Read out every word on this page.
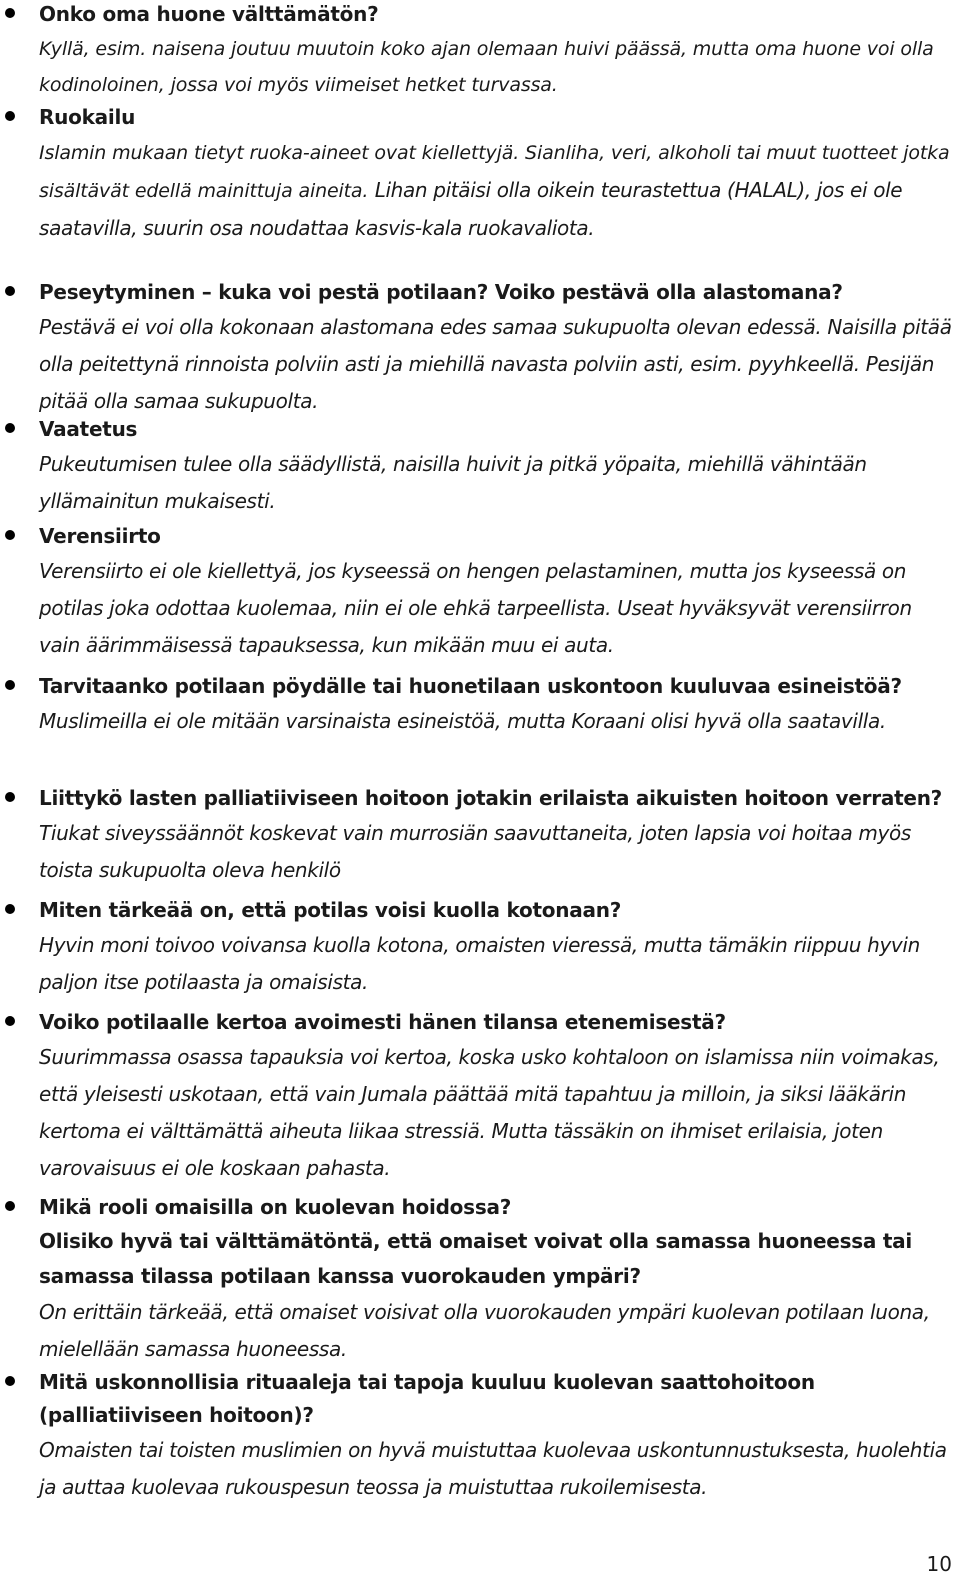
Onko oma huone välttämätön?
Kyllä, esim. naisena joutuu muutoin koko ajan olemaan huivi päässä, mutta oma huone voi olla kodinoloinen, jossa voi myös viimeiset hetket turvassa.
Ruokailu
Islamin mukaan tietyt ruoka-aineet ovat kiellettyjä. Sianliha, veri, alkoholi tai muut tuotteet jotka sisältävät edellä mainittuja aineita. Lihan pitäisi olla oikein teurastettua (HALAL), jos ei ole saatavilla, suurin osa noudattaa kasvis-kala ruokavaliota.
Peseytyminen – kuka voi pestä potilaan? Voiko pestävä olla alastomana?
Pestävä ei voi olla kokonaan alastomana edes samaa sukupuolta olevan edessä. Naisilla pitää olla peitettynä rinnoista polviin asti ja miehillä navasta polviin asti, esim. pyyhkeellä. Pesijän pitää olla samaa sukupuolta.
Vaatetus
Pukeutumisen tulee olla säädyllistä, naisilla huivit ja pitkä yöpaita, miehillä vähintään yllämainitun mukaisesti.
Verensiirto
Verensiirto ei ole kiellettyä, jos kyseessä on hengen pelastaminen, mutta jos kyseessä on potilas joka odottaa kuolemaa, niin ei ole ehkä tarpeellista. Useat hyväksyvät verensiirron vain äärimmäisessä tapauksessa, kun mikään muu ei auta.
Tarvitaanko potilaan pöydälle tai huonetilaan uskontoon kuuluvaa esineistöä?
Muslimeilla ei ole mitään varsinaista esineistöä, mutta Koraani olisi hyvä olla saatavilla.
Liittykö lasten palliatiiviseen hoitoon jotakin erilaista aikuisten hoitoon verraten?
Tiukat siveyssäännöt koskevat vain murrosiän saavuttaneita, joten lapsia voi hoitaa myös toista sukupuolta oleva henkilö
Miten tärkeää on, että potilas voisi kuolla kotonaan?
Hyvin moni toivoo voivansa kuolla kotona, omaisten vieressä, mutta tämäkin riippuu hyvin paljon itse potilaasta ja omaisista.
Voiko potilaalle kertoa avoimesti hänen tilansa etenemisestä?
Suurimmassa osassa tapauksia voi kertoa, koska usko kohtaloon on islamissa niin voimakas, että yleisesti uskotaan, että vain Jumala päättää mitä tapahtuu ja milloin, ja siksi lääkärin kertoma ei välttämättä aiheuta liikaa stressiä. Mutta tässäkin on ihmiset erilaisia, joten varovaisuus ei ole koskaan pahasta.
Mikä rooli omaisilla on kuolevan hoidossa?
Olisiko hyvä tai välttämätöntä, että omaiset voivat olla samassa huoneessa tai samassa tilassa potilaan kanssa vuorokauden ympäri?
On erittäin tärkeää, että omaiset voisivat olla vuorokauden ympäri kuolevan potilaan luona, mielellään samassa huoneessa.
Mitä uskonnollisia rituaaleja tai tapoja kuuluu kuolevan saattohoitoon (palliatiiviseen hoitoon)?
Omaisten tai toisten muslimien on hyvä muistuttaa kuolevaa uskontunnustuksesta, huolehtia ja auttaa kuolevaa rukouspesun teossa ja muistuttaa rukoilemisesta.
10
